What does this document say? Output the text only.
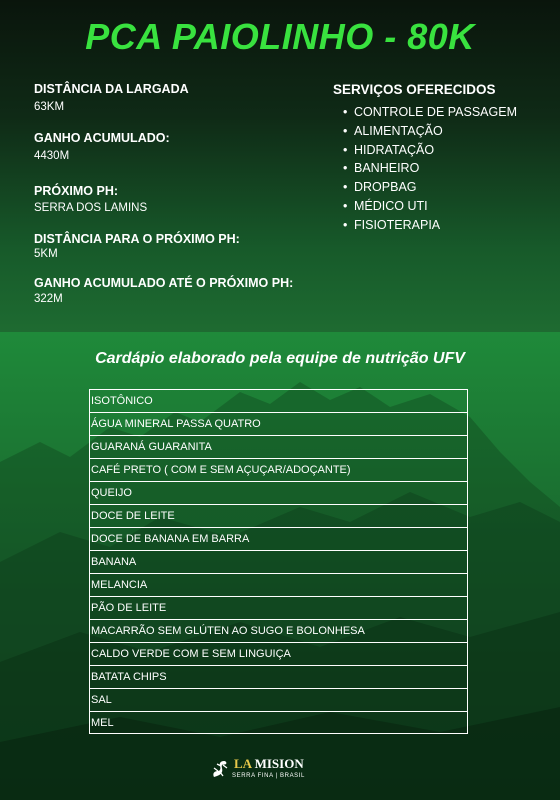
PCA PAIOLINHO - 80K
DISTÂNCIA DA LARGADA
63KM
GANHO ACUMULADO:
4430M
PRÓXIMO PH:
SERRA DOS LAMINS
DISTÂNCIA PARA O PRÓXIMO PH:
5KM
GANHO ACUMULADO ATÉ O PRÓXIMO PH:
322M
SERVIÇOS OFERECIDOS
• CONTROLE DE PASSAGEM
• ALIMENTAÇÃO
• HIDRATAÇÃO
• BANHEIRO
• DROPBAG
• MÉDICO UTI
• FISIOTERAPIA
Cardápio elaborado pela equipe de nutrição UFV
ISOTÔNICO
ÁGUA MINERAL PASSA QUATRO
GUARANÁ GUARANITA
CAFÉ PRETO ( COM E SEM AÇUÇAR/ADOÇANTE)
QUEIJO
DOCE DE LEITE
DOCE DE BANANA EM BARRA
BANANA
MELANCIA
PÃO DE LEITE
MACARRÃO SEM GLÚTEN AO SUGO E BOLONHESA
CALDO VERDE COM E SEM LINGUIÇA
BATATA CHIPS
SAL
MEL
LA MISION
SERRA FINA | BRASIL
